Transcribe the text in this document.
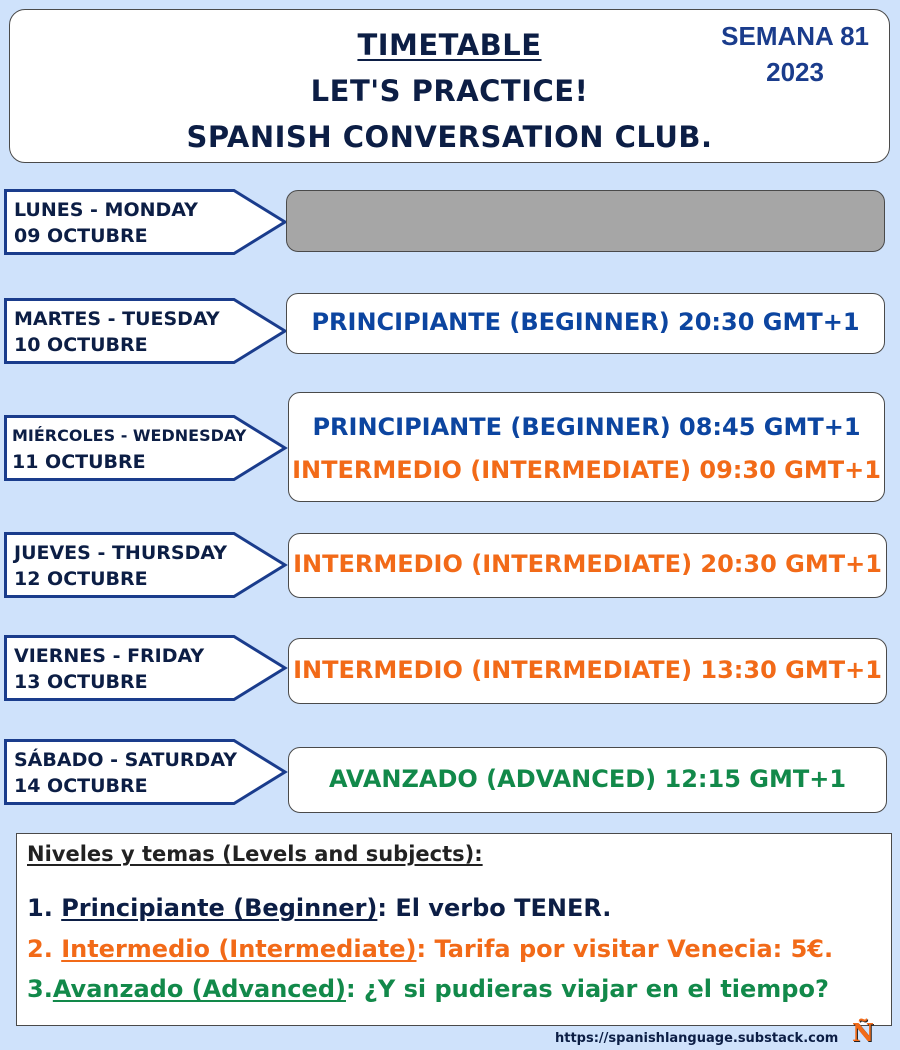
TIMETABLE
LET'S PRACTICE!
SPANISH CONVERSATION CLUB.
SEMANA 81
2023
LUNES - MONDAY
09 OCTUBRE
MARTES - TUESDAY
10 OCTUBRE
PRINCIPIANTE (BEGINNER) 20:30 GMT+1
MIÉRCOLES - WEDNESDAY
11 OCTUBRE
PRINCIPIANTE (BEGINNER) 08:45 GMT+1
INTERMEDIO (INTERMEDIATE) 09:30 GMT+1
JUEVES - THURSDAY
12 OCTUBRE
INTERMEDIO (INTERMEDIATE) 20:30 GMT+1
VIERNES - FRIDAY
13 OCTUBRE	INTERMEDIO (INTERMEDIATE) 13:30 GMT+1
SÁBADO - SATURDAY
14 OCTUBRE	AVANZADO (ADVANCED) 12:15 GMT+1
Niveles y temas (Levels and subjects):
1. Principiante (Beginner): El verbo TENER.
2. Intermedio (Intermediate): Tarifa por visitar Venecia: 5€.
3.Avanzado (Advanced): ¿Y si pudieras viajar en el tiempo?
https://spanishlanguage.substack.com Ñ
